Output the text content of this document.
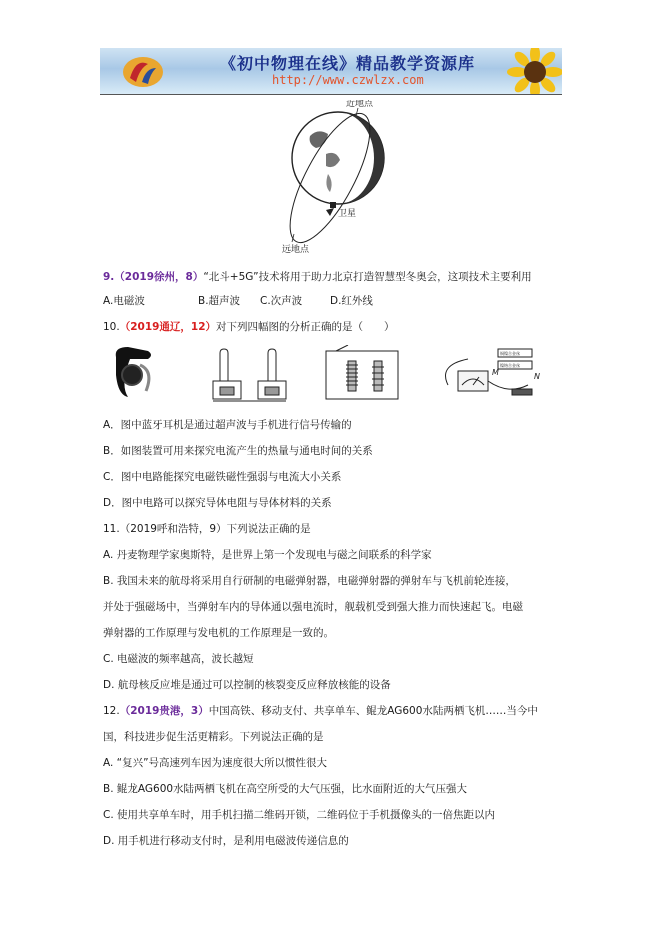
《初中物理在线》精品教学资源库
http://www.czwlzx.com
近地点
卫星
远地点
9.（2019徐州，8）“北斗+5G”技术将用于助力北京打造智慧型冬奥会，这项技术主要利用
A.电磁波	B.超声波 C.次声波	D.红外线
10.（2019通辽，12）对下列四幅图的分析正确的是（　　）
铜镍合金丝
镍铬合金丝
M	N
A．图中蓝牙耳机是通过超声波与手机进行信号传输的
B．如图装置可用来探究电流产生的热量与通电时间的关系
C．图中电路能探究电磁铁磁性强弱与电流大小关系
D．图中电路可以探究导体电阻与导体材料的关系
11.（2019呼和浩特，9）下列说法正确的是
A. 丹麦物理学家奥斯特，是世界上第一个发现电与磁之间联系的科学家
B. 我国未来的航母将采用自行研制的电磁弹射器，电磁弹射器的弹射车与飞机前轮连接，
并处于强磁场中，当弹射车内的导体通以强电流时，舰载机受到强大推力而快速起飞。电磁
弹射器的工作原理与发电机的工作原理是一致的。
C. 电磁波的频率越高，波长越短
D. 航母核反应堆是通过可以控制的核裂变反应释放核能的设备
12.（2019贵港，3）中国高铁、移动支付、共享单车、鲲龙AG600水陆两栖飞机……当今中
国，科技进步促生活更精彩。下列说法正确的是
A. “复兴”号高速列车因为速度很大所以惯性很大
B. 鲲龙AG600水陆两栖飞机在高空所受的大气压强，比水面附近的大气压强大
C. 使用共享单车时，用手机扫描二维码开锁，二维码位于手机摄像头的一倍焦距以内
D. 用手机进行移动支付时，是利用电磁波传递信息的
